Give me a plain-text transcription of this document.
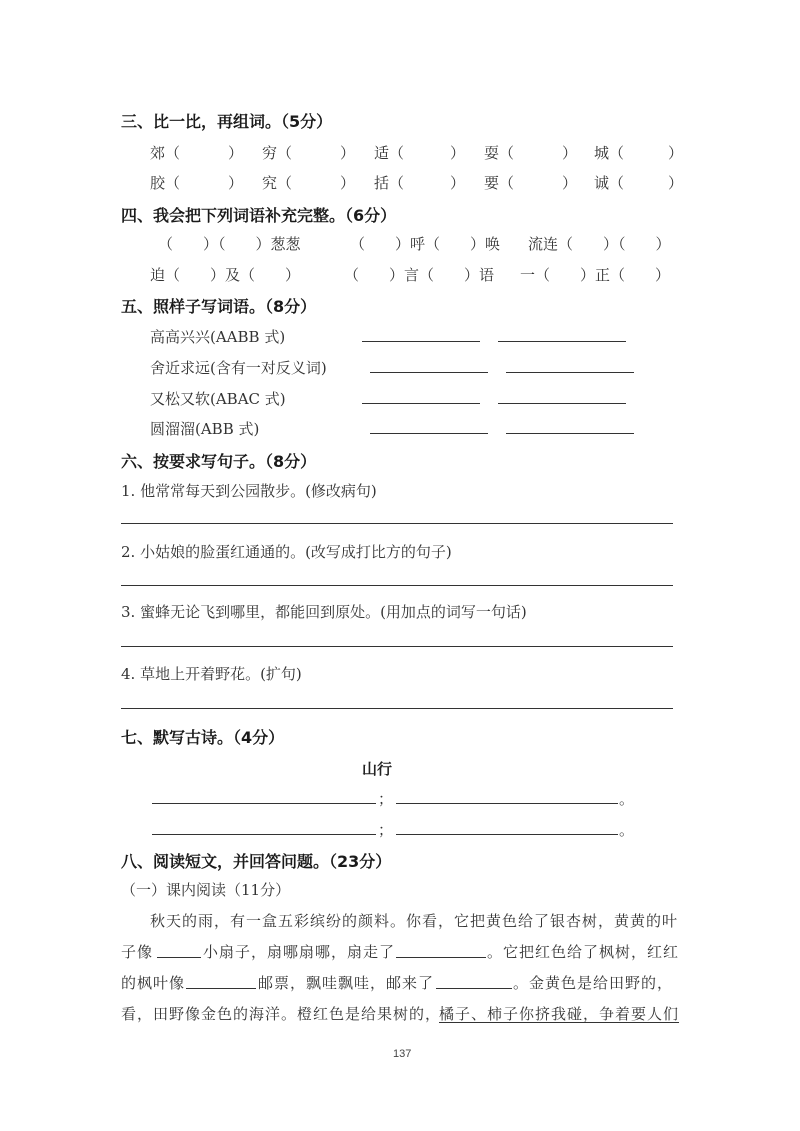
三、比一比，再组词。（5分）
郊（	） 穷（	） 适（	） 耍（	） 城（	）
胶（	） 究（	） 括（	） 要（	） 诚（	）
四、我会把下列词语补充完整。（6分）
（　　）（　　）葱葱	（　　）呼（　　）唤 流连（　　）（　　）
迫（　　）及（　　）	（　　）言（　　）语 一（　　）正（　　）
五、照样子写词语。（8分）
高高兴兴(AABB 式)
舍近求远(含有一对反义词)
又松又软(ABAC 式)
圆溜溜(ABB 式)
六、按要求写句子。（8分）
1. 他常常每天到公园散步。(修改病句)
2. 小姑娘的脸蛋红通通的。(改写成打比方的句子)
3. 蜜蜂无论飞到哪里，都能回到原处。(用加点的词写一句话)
4. 草地上开着野花。(扩句)
七、默写古诗。（4分）
山行
；	。
；	。
八、阅读短文，并回答问题。（23分）
（一）课内阅读（11分）
秋天的雨，有一盒五彩缤纷的颜料。你看，它把黄色给了银杏树，黄黄的叶
子像	小扇子，扇哪扇哪，扇走了	。它把红色给了枫树，红红
的枫叶像	邮票，飘哇飘哇，邮来了	。金黄色是给田野的，
看，田野像金色的海洋。橙红色是给果树的，
橘子、柿子你挤我碰，争着要人们
137
